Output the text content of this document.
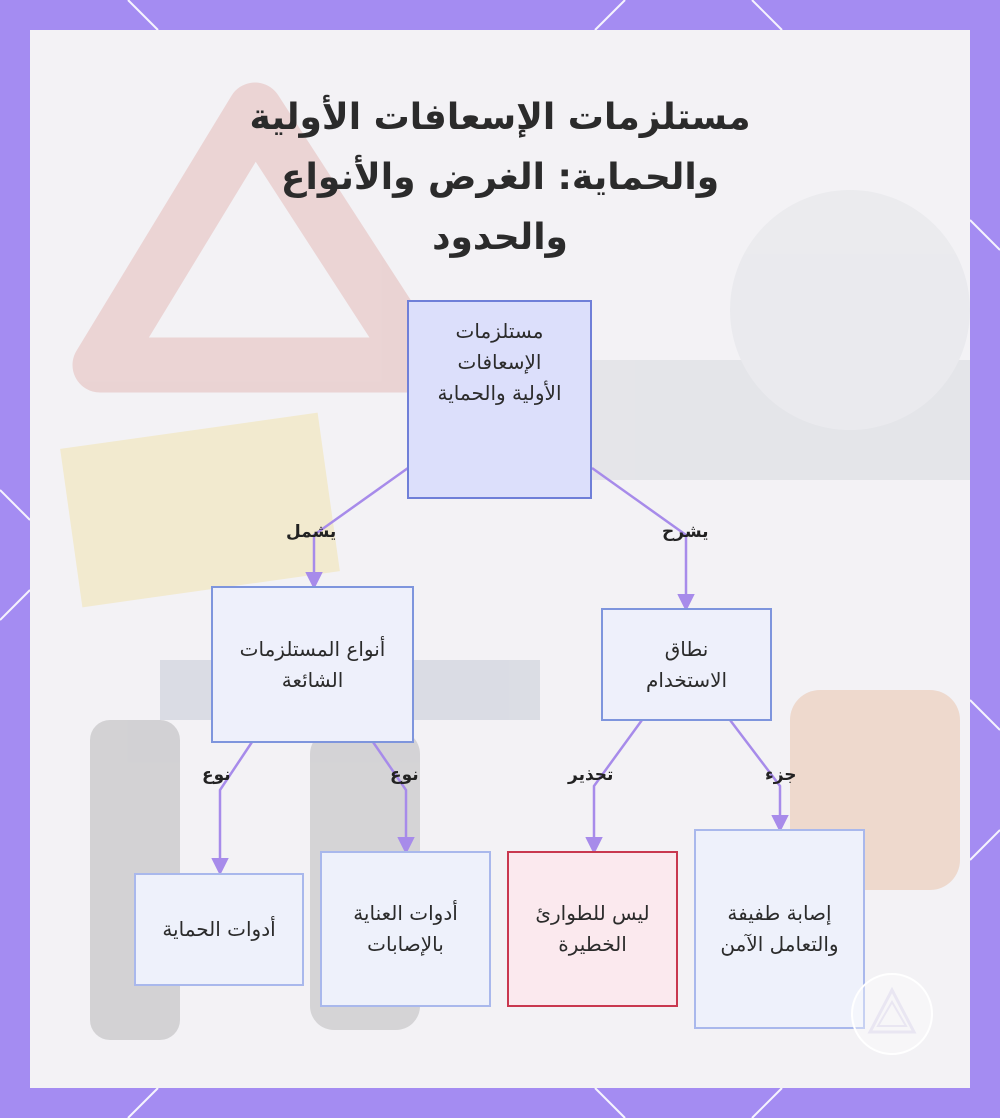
مستلزمات الإسعافات الأولية والحماية: الغرض والأنواع والحدود
يشمل	يشرح
نوع	نوع	تحذير	جزء
مستلزمات الإسعافات الأولية والحماية
أنواع المستلزمات الشائعة
نطاق الاستخدام
أدوات الحماية
أدوات العناية بالإصابات
ليس للطوارئ الخطيرة
إصابة طفيفة والتعامل الآمن
